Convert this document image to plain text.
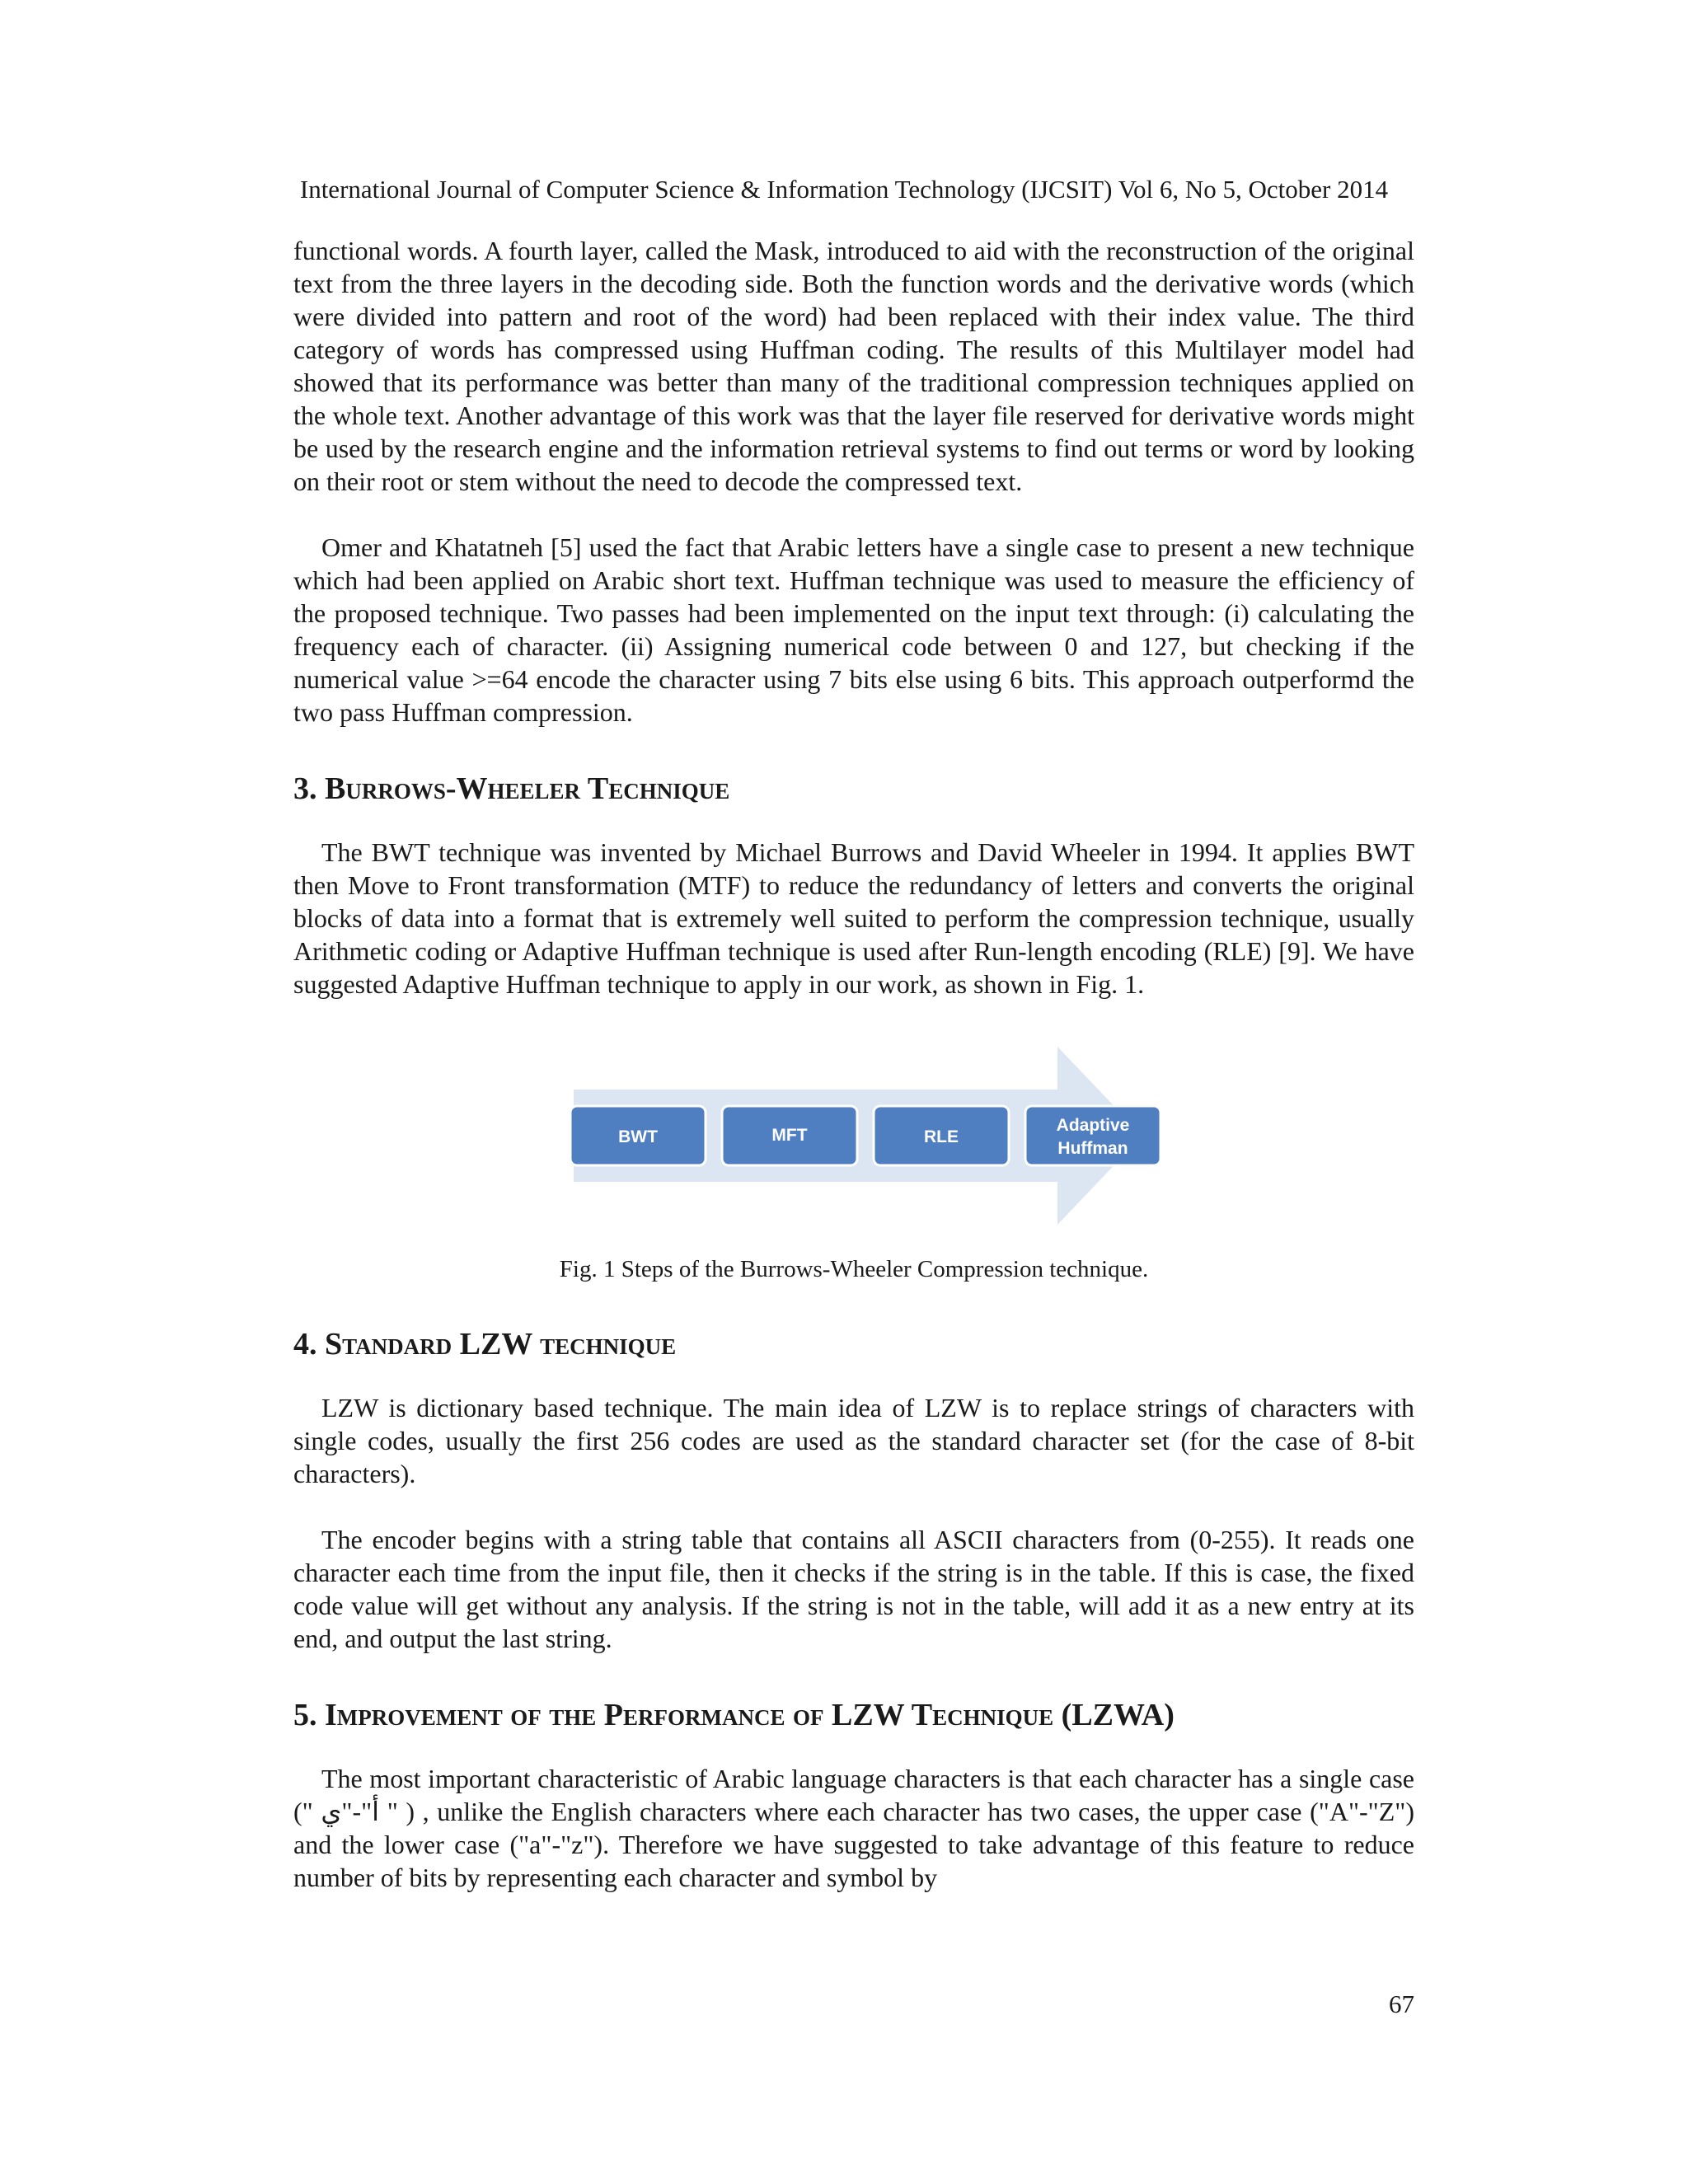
International Journal of Computer Science & Information Technology (IJCSIT) Vol 6, No 5, October 2014

functional words. A fourth layer, called the Mask, introduced to aid with the reconstruction of the original text from the three layers in the decoding side. Both the function words and the derivative words (which were divided into pattern and root of the word) had been replaced with their index value. The third category of words has compressed using Huffman coding. The results of this Multilayer model had showed that its performance was better than many of the traditional compression techniques applied on the whole text. Another advantage of this work was that the layer file reserved for derivative words might be used by the research engine and the information retrieval systems to find out terms or word by looking on their root or stem without the need to decode the compressed text.

Omer and Khatatneh [5] used the fact that Arabic letters have a single case to present a new technique which had been applied on Arabic short text. Huffman technique was used to measure the efficiency of the proposed technique. Two passes had been implemented on the input text through: (i) calculating the frequency each of character. (ii) Assigning numerical code between 0 and 127, but checking if the numerical value >=64 encode the character using 7 bits else using 6 bits. This approach outperformd the two pass Huffman compression.

3. Burrows-Wheeler Technique

The BWT technique was invented by Michael Burrows and David Wheeler in 1994. It applies BWT then Move to Front transformation (MTF) to reduce the redundancy of letters and converts the original blocks of data into a format that is extremely well suited to perform the compression technique, usually Arithmetic coding or Adaptive Huffman technique is used after Run-length encoding (RLE) [9]. We have suggested Adaptive Huffman technique to apply in our work, as shown in Fig. 1.

BWT	MFT	RLE
Adaptive
Huffman
Fig. 1 Steps of the Burrows-Wheeler Compression technique.
4. Standard LZW technique

LZW is dictionary based technique. The main idea of LZW is to replace strings of characters with single codes, usually the first 256 codes are used as the standard character set (for the case of 8-bit characters).

The encoder begins with a string table that contains all ASCII characters from (0-255). It reads one character each time from the input file, then it checks if the string is in the table. If this is case, the fixed code value will get without any analysis. If the string is not in the table, will add it as a new entry at its end, and output the last string.

5. Improvement of the Performance of LZW Technique (LZWA)

The most important characteristic of Arabic language characters is that each character has a single case (" أ"-"ي " ) , unlike the English characters where each character has two cases, the upper case ("A"-"Z") and the lower case ("a"-"z"). Therefore we have suggested to take advantage of this feature to reduce number of bits by representing each character and symbol by

67
